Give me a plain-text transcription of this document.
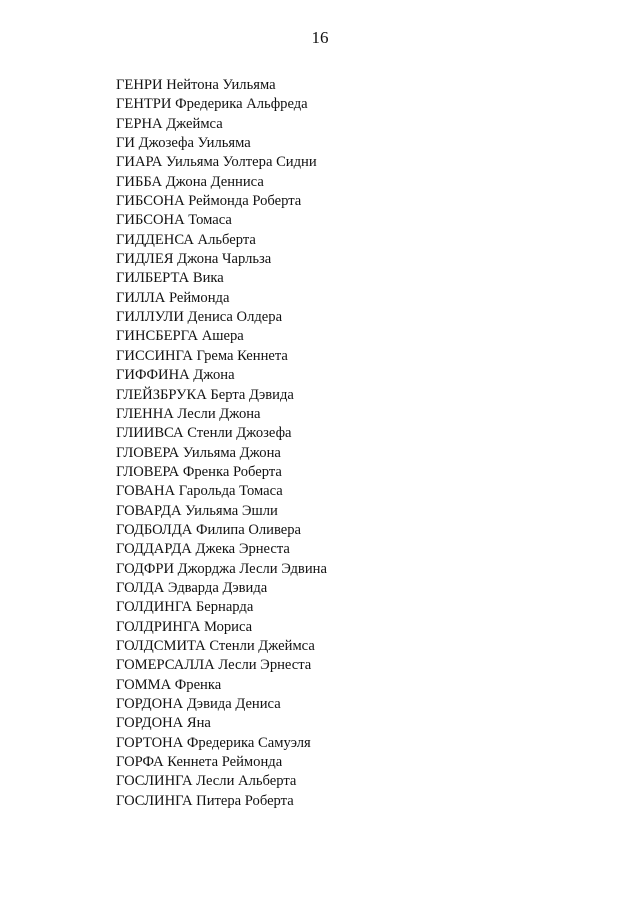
16
ГЕНРИ Нейтона Уильяма
ГЕНТРИ Фредерика Альфреда
ГЕРНА Джеймса
ГИ Джозефа Уильяма
ГИАРА Уильяма Уолтера Сидни
ГИББА Джона Денниса
ГИБСОНА Реймонда Роберта
ГИБСОНА Томаса
ГИДДЕНСА Альберта
ГИДЛЕЯ Джона Чарльза
ГИЛБЕРТА Вика
ГИЛЛА Реймонда
ГИЛЛУЛИ Дениса Олдера
ГИНСБЕРГА Ашера
ГИССИНГА Грема Кеннета
ГИФФИНА Джона
ГЛЕЙЗБРУКА Берта Дэвида
ГЛЕННА Лесли Джона
ГЛИИВСА Стенли Джозефа
ГЛОВЕРА Уильяма Джона
ГЛОВЕРА Френка Роберта
ГОВАНА Гарольда Томаса
ГОВАРДА Уильяма Эшли
ГОДБОЛДА Филипа Оливера
ГОДДАРДА Джека Эрнеста
ГОДФРИ Джорджа Лесли Эдвина
ГОЛДА Эдварда Дэвида
ГОЛДИНГА Бернарда
ГОЛДРИНГА Мориса
ГОЛДСМИТА Стенли Джеймса
ГОМЕРСАЛЛА Лесли Эрнеста
ГОММА Френка
ГОРДОНА Дэвида Дениса
ГОРДОНА Яна
ГОРТОНА Фредерика Самуэля
ГОРФА Кеннета Реймонда
ГОСЛИНГА Лесли Альберта
ГОСЛИНГА Питера Роберта
